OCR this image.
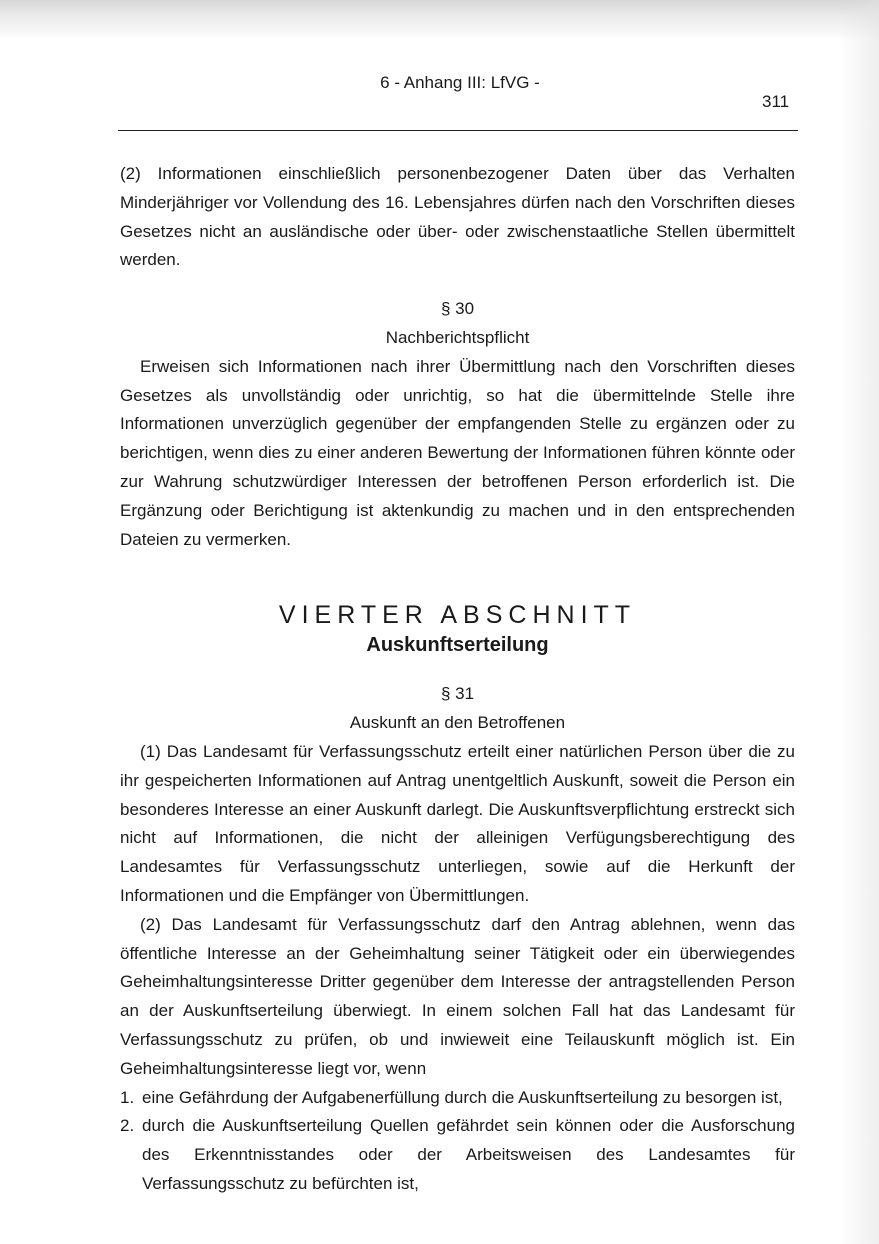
6 - Anhang III: LfVG -
311

(2) Informationen einschließlich personenbezogener Daten über das Verhalten Minderjähriger vor Vollendung des 16. Lebensjahres dürfen nach den Vorschriften dieses Gesetzes nicht an ausländische oder über- oder zwischenstaatliche Stellen übermittelt werden.

§ 30
Nachberichtspflicht

Erweisen sich Informationen nach ihrer Übermittlung nach den Vorschriften dieses Gesetzes als unvollständig oder unrichtig, so hat die übermittelnde Stelle ihre Informationen unverzüglich gegenüber der empfangenden Stelle zu ergänzen oder zu berichtigen, wenn dies zu einer anderen Bewertung der Informationen führen könnte oder zur Wahrung schutzwürdiger Interessen der betroffenen Person erforderlich ist. Die Ergänzung oder Berichtigung ist aktenkundig zu machen und in den entsprechenden Dateien zu vermerken.

VIERTER ABSCHNITT
Auskunftserteilung
§ 31
Auskunft an den Betroffenen

(1) Das Landesamt für Verfassungsschutz erteilt einer natürlichen Person über die zu ihr gespeicherten Informationen auf Antrag unentgeltlich Auskunft, soweit die Person ein besonderes Interesse an einer Auskunft darlegt. Die Auskunftsverpflichtung erstreckt sich nicht auf Informationen, die nicht der alleinigen Verfügungsberechtigung des Landesamtes für Verfassungsschutz unterliegen, sowie auf die Herkunft der Informationen und die Empfänger von Übermittlungen.

(2) Das Landesamt für Verfassungsschutz darf den Antrag ablehnen, wenn das öffentliche Interesse an der Geheimhaltung seiner Tätigkeit oder ein überwiegendes Geheimhaltungsinteresse Dritter gegenüber dem Interesse der antragstellenden Person an der Auskunftserteilung überwiegt. In einem solchen Fall hat das Landesamt für Verfassungsschutz zu prüfen, ob und inwieweit eine Teilauskunft möglich ist. Ein Geheimhaltungsinteresse liegt vor, wenn

1. eine Gefährdung der Aufgabenerfüllung durch die Auskunftserteilung zu besorgen ist,
2. durch die Auskunftserteilung Quellen gefährdet sein können oder die Ausforschung des Erkenntnisstandes oder der Arbeitsweisen des Landesamtes für Verfassungsschutz zu befürchten ist,
